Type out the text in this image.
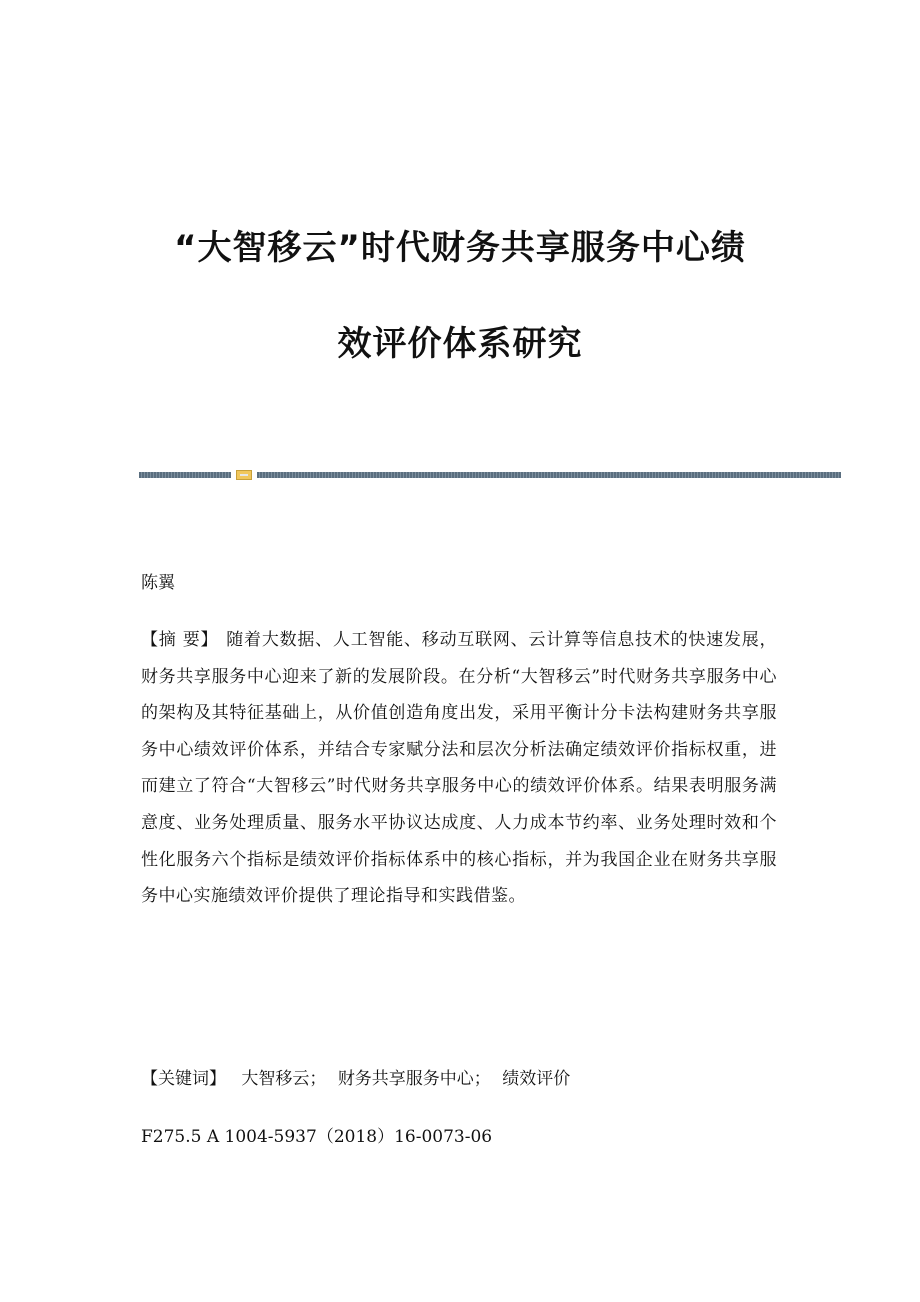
“大智移云”时代财务共享服务中心绩
效评价体系研究
陈翼

【摘 要】 随着大数据、人工智能、移动互联网、云计算等信息技术的快速发展，财务共享服务中心迎来了新的发展阶段。在分析“大智移云”时代财务共享服务中心的架构及其特征基础上，从价值创造角度出发，采用平衡计分卡法构建财务共享服务中心绩效评价体系，并结合专家赋分法和层次分析法确定绩效评价指标权重，进而建立了符合“大智移云”时代财务共享服务中心的绩效评价体系。结果表明服务满意度、业务处理质量、服务水平协议达成度、人力成本节约率、业务处理时效和个性化服务六个指标是绩效评价指标体系中的核心指标，并为我国企业在财务共享服务中心实施绩效评价提供了理论指导和实践借鉴。

【关键词】 大智移云； 财务共享服务中心； 绩效评价
F275.5 A 1004-5937（2018）16-0073-06
